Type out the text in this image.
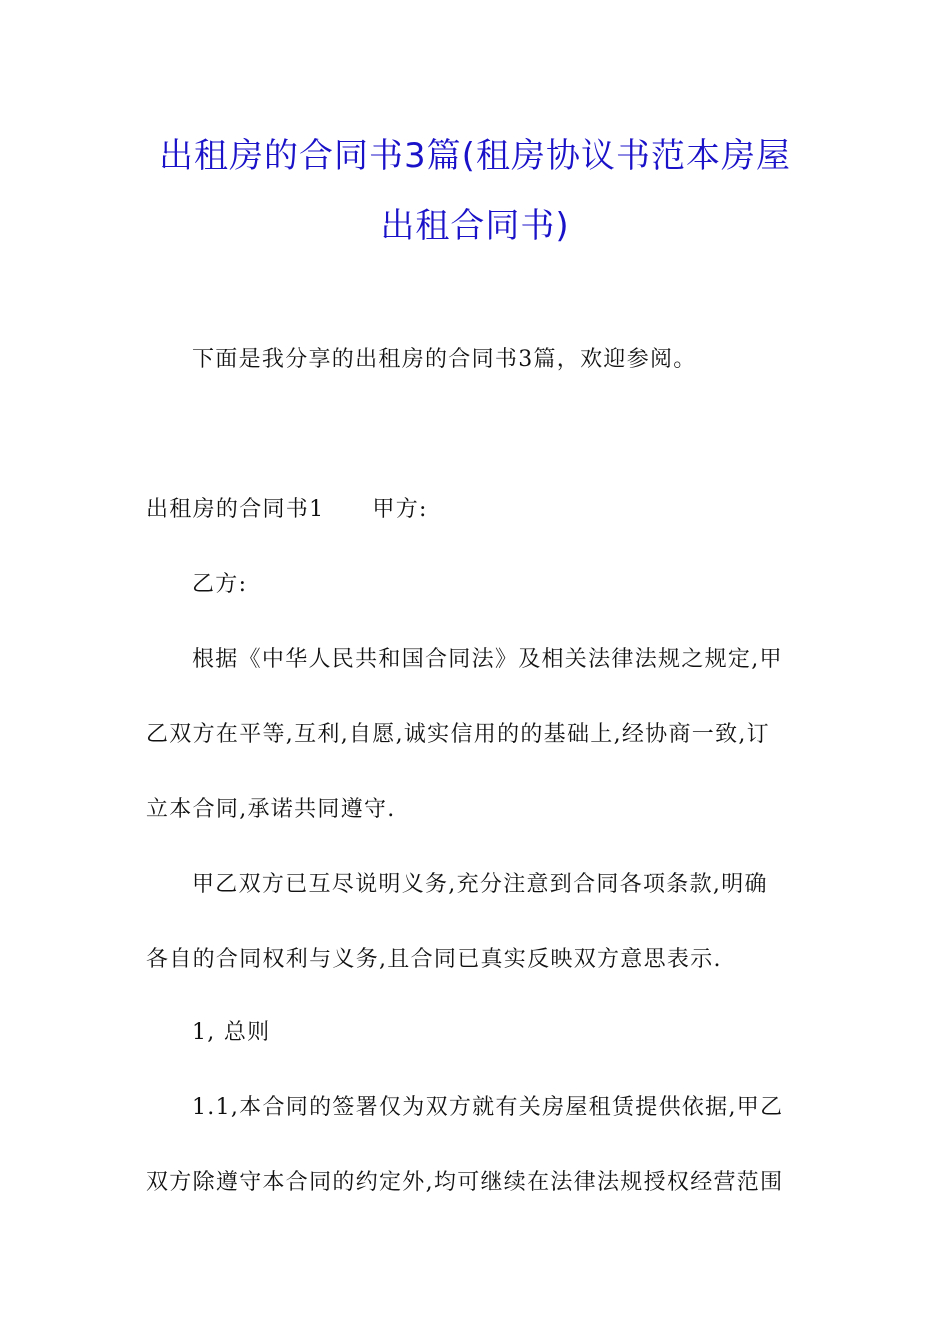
出租房的合同书3篇(租房协议书范本房屋
出租合同书)
下面是我分享的出租房的合同书3篇，欢迎参阅。
出租房的合同书1 甲方:
乙方:
根据《中华人民共和国合同法》及相关法律法规之规定,甲
乙双方在平等,互利,自愿,诚实信用的的基础上,经协商一致,订
立本合同,承诺共同遵守.
甲乙双方已互尽说明义务,充分注意到合同各项条款,明确
各自的合同权利与义务,且合同已真实反映双方意思表示.
1, 总则
1.1,本合同的签署仅为双方就有关房屋租赁提供依据,甲乙
双方除遵守本合同的约定外,均可继续在法律法规授权经营范围
